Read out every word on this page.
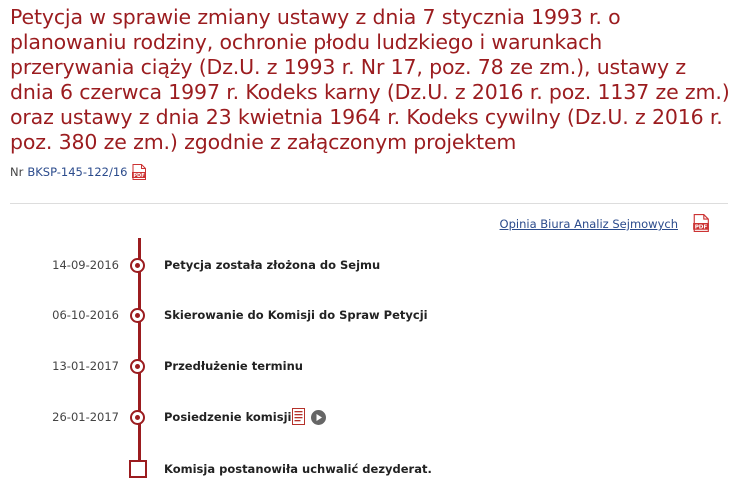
Petycja w sprawie zmiany ustawy z dnia 7 stycznia 1993 r. o planowaniu rodziny, ochronie płodu ludzkiego i warunkach przerywania ciąży (Dz.U. z 1993 r. Nr 17, poz. 78 ze zm.), ustawy z dnia 6 czerwca 1997 r. Kodeks karny (Dz.U. z 2016 r. poz. 1137 ze zm.) oraz ustawy z dnia 23 kwietnia 1964 r. Kodeks cywilny (Dz.U. z 2016 r. poz. 380 ze zm.) zgodnie z załączonym projektem
Nr BKSP-145-122/16 PDF
Opinia Biura Analiz Sejmowych	PDF
14-09-2016	Petycja została złożona do Sejmu
06-10-2016	Skierowanie do Komisji do Spraw Petycji
13-01-2017	Przedłużenie terminu
26-01-2017	Posiedzenie komisji
Komisja postanowiła uchwalić dezyderat.
